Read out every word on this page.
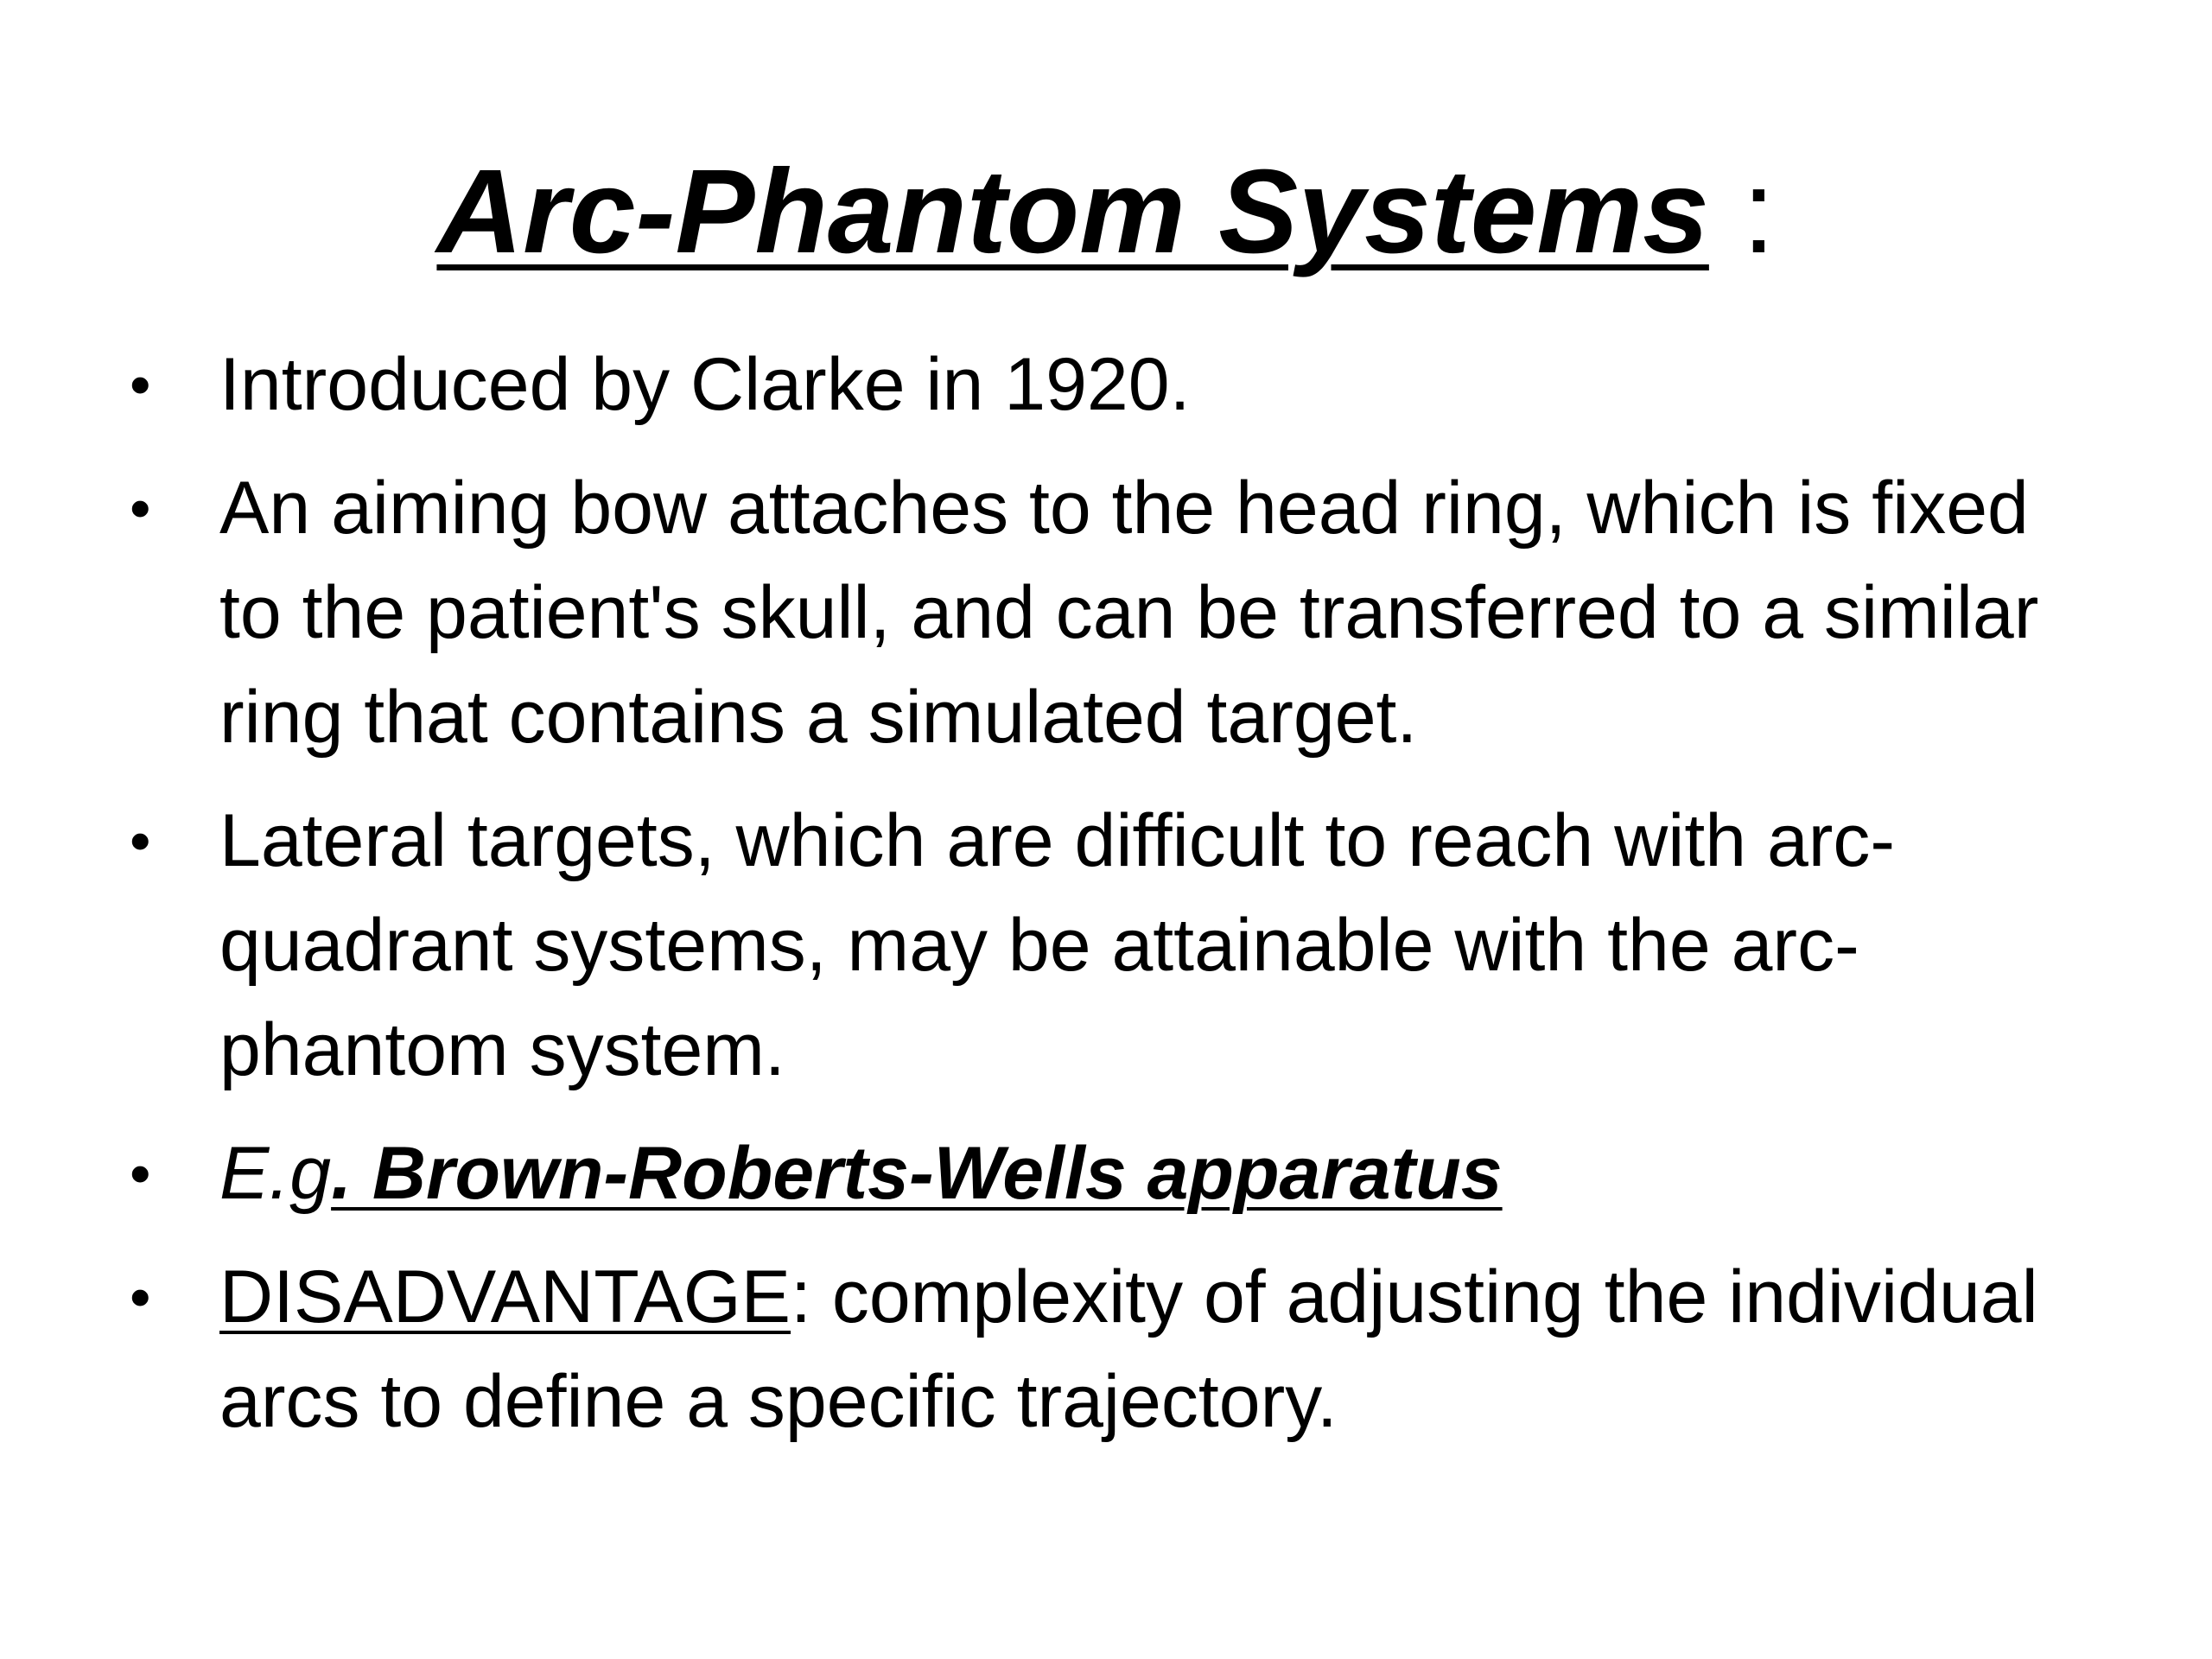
Arc-Phantom Systems :
• Introduced by Clarke in 1920.
• An aiming bow attaches to the head ring, which is fixed to the patient's skull, and can be transferred to a similar ring that contains a simulated target.
• Lateral targets, which are difficult to reach with arc-quadrant systems, may be attainable with the arc-phantom system.
• E.g. Brown-Roberts-Wells apparatus
• DISADVANTAGE: complexity of adjusting the individual arcs to define a specific trajectory.
